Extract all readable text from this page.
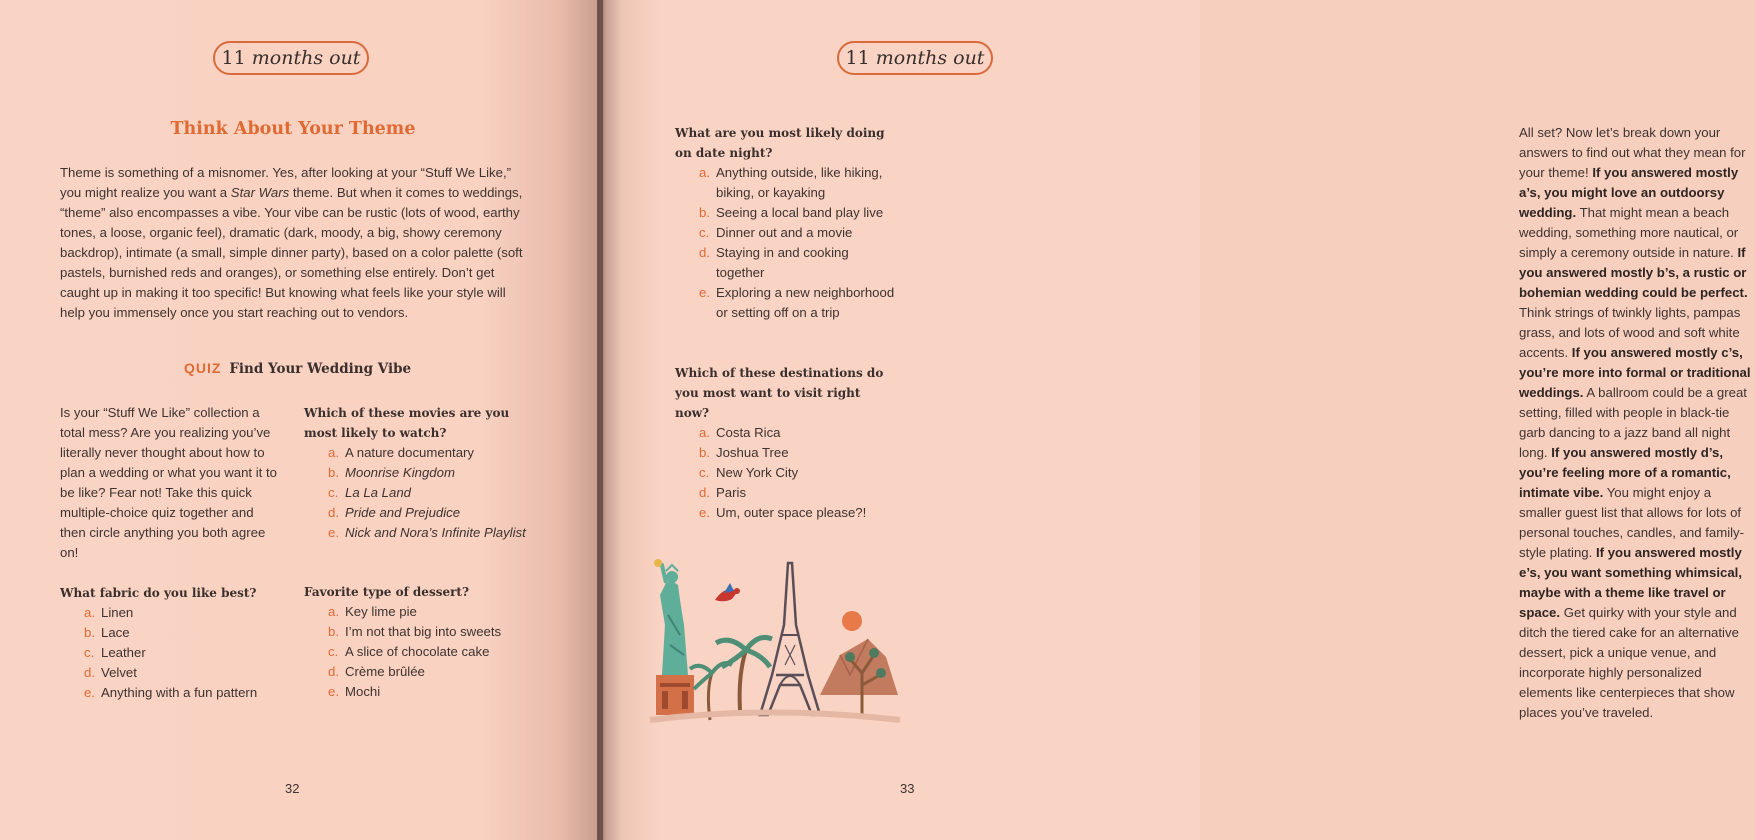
11 months out
Think About Your Theme
Theme is something of a misnomer. Yes, after looking at your “Stuff We Like,” you might realize you want a Star Wars theme. But when it comes to weddings, “theme” also encompasses a vibe. Your vibe can be rustic (lots of wood, earthy tones, a loose, organic feel), dramatic (dark, moody, a big, showy ceremony backdrop), intimate (a small, simple dinner party), based on a color palette (soft pastels, burnished reds and oranges), or something else entirely. Don’t get caught up in making it too specific! But knowing what feels like your style will help you immensely once you start reaching out to vendors.
QUIZ Find Your Wedding Vibe
Is your “Stuff We Like” collection a total mess? Are you realizing you’ve literally never thought about how to plan a wedding or what you want it to be like? Fear not! Take this quick multiple-choice quiz together and then circle anything you both agree on!
What fabric do you like best?
a. Linen
b. Lace
c. Leather
d. Velvet
e. Anything with a fun pattern
Which of these movies are you most likely to watch?
a. A nature documentary
b. Moonrise Kingdom
c. La La Land
d. Pride and Prejudice
e. Nick and Nora’s Infinite Playlist
Favorite type of dessert?
a. Key lime pie
b. I’m not that big into sweets
c. A slice of chocolate cake
d. Crème brûlée
e. Mochi
32
11 months out
What are you most likely doing on date night?
a. Anything outside, like hiking, biking, or kayaking
b. Seeing a local band play live
c. Dinner out and a movie
d. Staying in and cooking together
e. Exploring a new neighborhood or setting off on a trip
Which of these destinations do you most want to visit right now?
a. Costa Rica
b. Joshua Tree
c. New York City
d. Paris
e. Um, outer space please?!
All set? Now let’s break down your answers to find out what they mean for your theme! If you answered mostly a’s, you might love an outdoorsy wedding. That might mean a beach wedding, something more nautical, or simply a ceremony outside in nature. If you answered mostly b’s, a rustic or bohemian wedding could be perfect. Think strings of twinkly lights, pampas grass, and lots of wood and soft white accents. If you answered mostly c’s, you’re more into formal or traditional weddings. A ballroom could be a great setting, filled with people in black-tie garb dancing to a jazz band all night long. If you answered mostly d’s, you’re feeling more of a romantic, intimate vibe. You might enjoy a smaller guest list that allows for lots of personal touches, candles, and family-style plating. If you answered mostly e’s, you want something whimsical, maybe with a theme like travel or space. Get quirky with your style and ditch the tiered cake for an alternative dessert, pick a unique venue, and incorporate highly personalized elements like centerpieces that show places you’ve traveled.
33
